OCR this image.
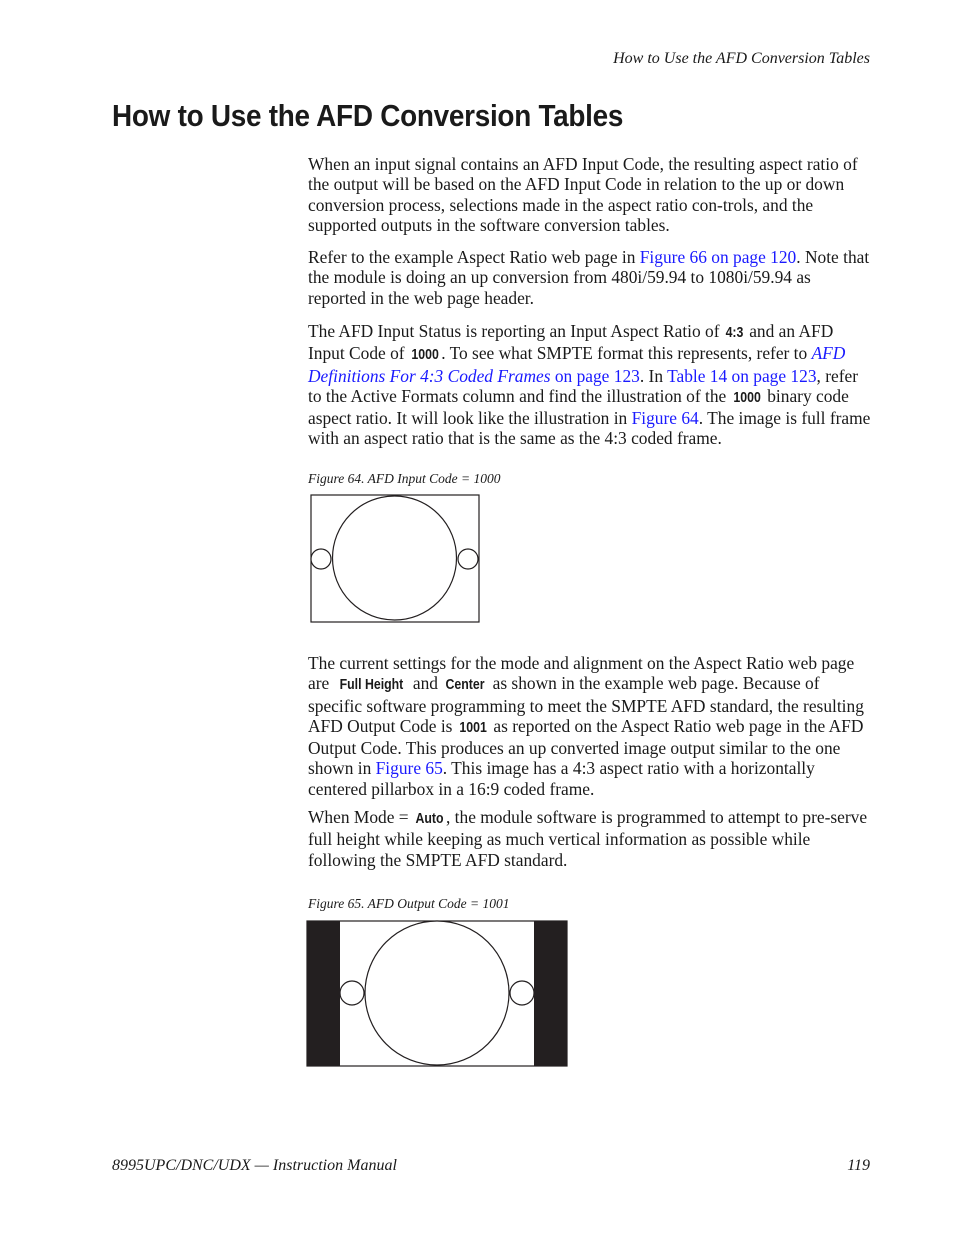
How to Use the AFD Conversion Tables
How to Use the AFD Conversion Tables

When an input signal contains an AFD Input Code, the resulting aspect ratio of the output will be based on the AFD Input Code in relation to the up or down conversion process, selections made in the aspect ratio con-trols, and the supported outputs in the software conversion tables.

Refer to the example Aspect Ratio web page in Figure 66 on page 120. Note that the module is doing an up conversion from 480i/59.94 to 1080i/59.94 as reported in the web page header.

The AFD Input Status is reporting an Input Aspect Ratio of 4:3 and an AFD Input Code of 1000 . To see what SMPTE format this represents, refer to AFD Definitions For 4:3 Coded Frames on page 123. In Table 14 on page 123, refer to the Active Formats column and find the illustration of the 1000 binary code aspect ratio. It will look like the illustration in Figure 64. The image is full frame with an aspect ratio that is the same as the 4:3 coded frame.

Figure 64. AFD Input Code = 1000

The current settings for the mode and alignment on the Aspect Ratio web page are Full Height and Center as shown in the example web page. Because of specific software programming to meet the SMPTE AFD standard, the resulting AFD Output Code is 1001 as reported on the Aspect Ratio web page in the AFD Output Code. This produces an up converted image output similar to the one shown in Figure 65. This image has a 4:3 aspect ratio with a horizontally centered pillarbox in a 16:9 coded frame.

When Mode = Auto , the module software is programmed to attempt to pre-serve full height while keeping as much vertical information as possible while following the SMPTE AFD standard.

Figure 65. AFD Output Code = 1001
8995UPC/DNC/UDX — Instruction Manual	119
